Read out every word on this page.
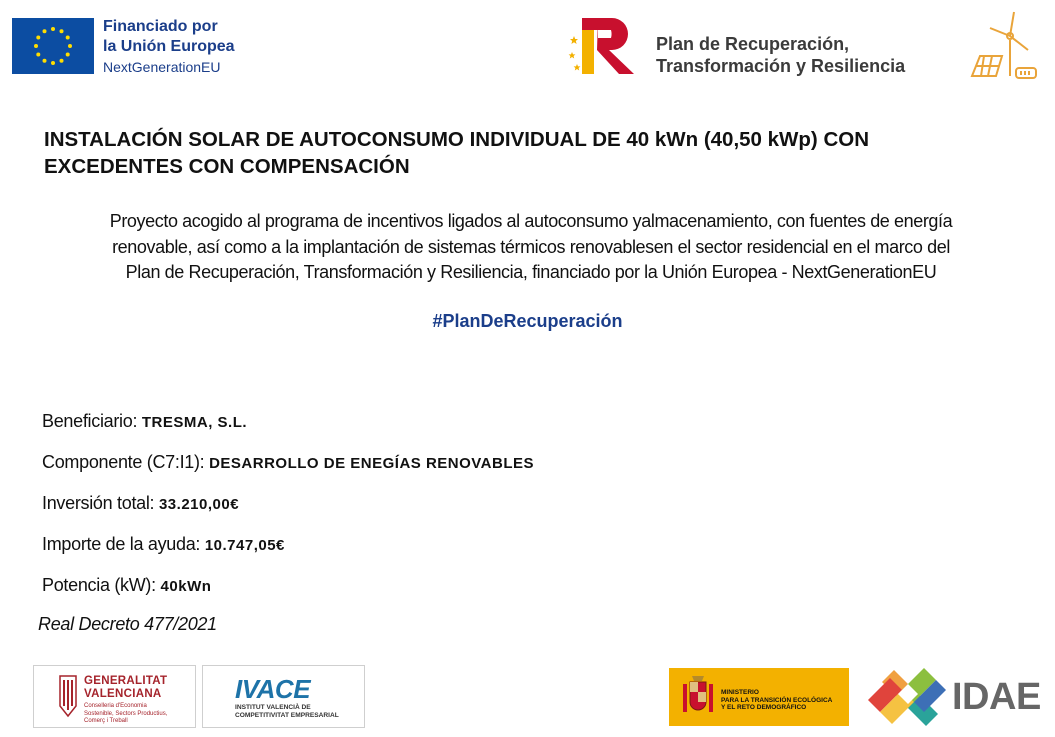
Financiado por
la Unión Europea
NextGenerationEU
Plan de Recuperación,
Transformación y Resiliencia
INSTALACIÓN SOLAR DE AUTOCONSUMO INDIVIDUAL DE 40 kWn (40,50 kWp) CON
EXCEDENTES CON COMPENSACIÓN
Proyecto acogido al programa de incentivos ligados al autoconsumo yalmacenamiento, con fuentes de energía
renovable, así como a la implantación de sistemas térmicos renovablesen el sector residencial en el marco del
Plan de Recuperación, Transformación y Resiliencia, financiado por la Unión Europea - NextGenerationEU
#PlanDeRecuperación
Beneficiario: TRESMA, S.L.
Componente (C7:I1): DESARROLLO DE ENEGÍAS RENOVABLES
Inversión total: 33.210,00€
Importe de la ayuda: 10.747,05€
Potencia (kW): 40kWn
Real Decreto 477/2021
GENERALITAT
VALENCIANA
Conselleria d'Economia
Sostenible, Sectors Productius,
Comerç i Treball
IVACE
INSTITUT VALENCIÀ DE
COMPETITIVITAT EMPRESARIAL
MINISTERIO
PARA LA TRANSICIÓN ECOLÓGICA
Y EL RETO DEMOGRÁFICO	IDAE
